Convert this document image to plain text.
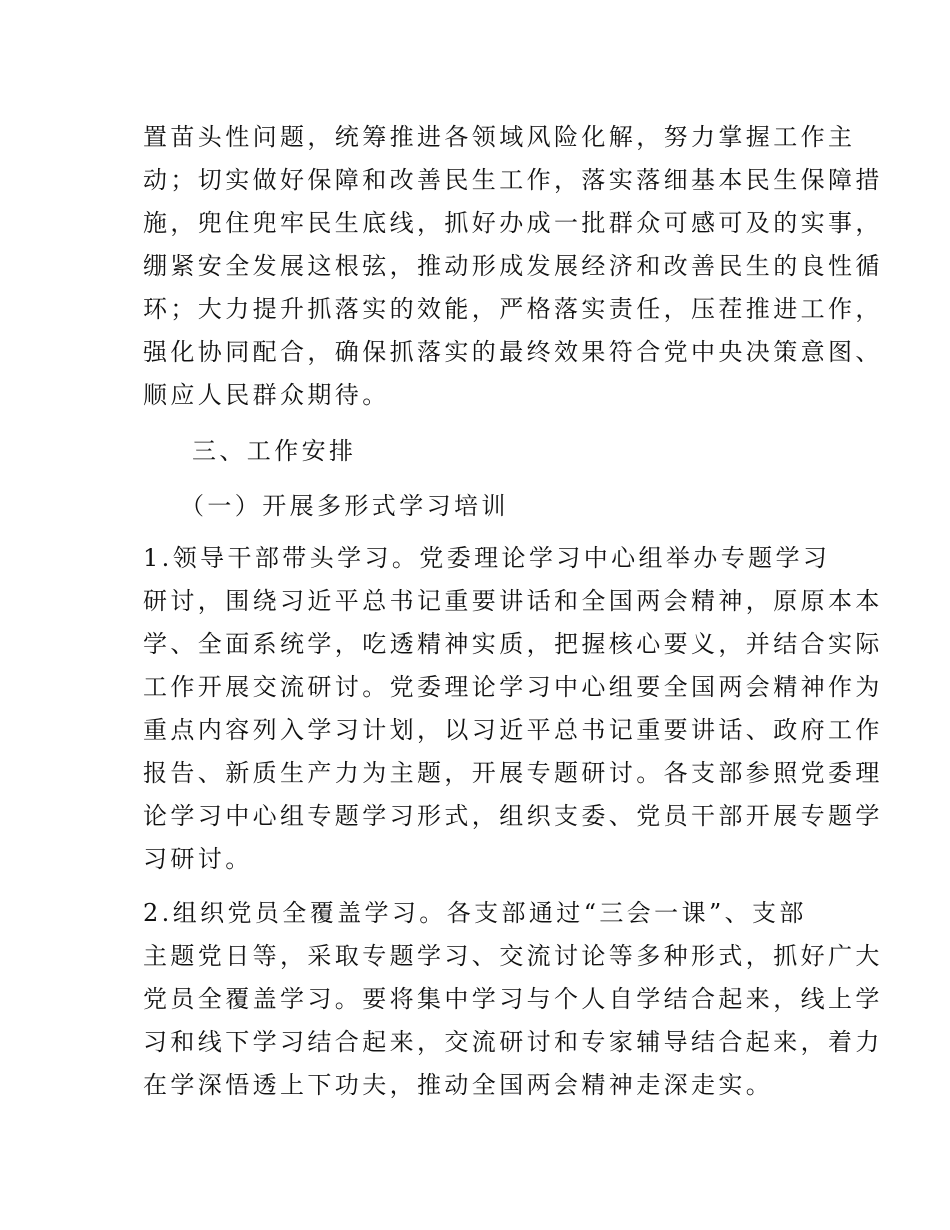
置苗头性问题，统筹推进各领域风险化解，努力掌握工作主
动；切实做好保障和改善民生工作，落实落细基本民生保障措
施，兜住兜牢民生底线，抓好办成一批群众可感可及的实事，
绷紧安全发展这根弦，推动形成发展经济和改善民生的良性循
环；大力提升抓落实的效能，严格落实责任，压茬推进工作，
强化协同配合，确保抓落实的最终效果符合党中央决策意图、
顺应人民群众期待。
三、工作安排
（一）开展多形式学习培训
1.领导干部带头学习。党委理论学习中心组举办专题学习
研讨，围绕习近平总书记重要讲话和全国两会精神，原原本本
学、全面系统学，吃透精神实质，把握核心要义，并结合实际
工作开展交流研讨。党委理论学习中心组要全国两会精神作为
重点内容列入学习计划，以习近平总书记重要讲话、政府工作
报告、新质生产力为主题，开展专题研讨。各支部参照党委理
论学习中心组专题学习形式，组织支委、党员干部开展专题学
习研讨。
2.组织党员全覆盖学习。各支部通过“三会一课”、支部
主题党日等，采取专题学习、交流讨论等多种形式，抓好广大
党员全覆盖学习。要将集中学习与个人自学结合起来，线上学
习和线下学习结合起来，交流研讨和专家辅导结合起来，着力
在学深悟透上下功夫，推动全国两会精神走深走实。
